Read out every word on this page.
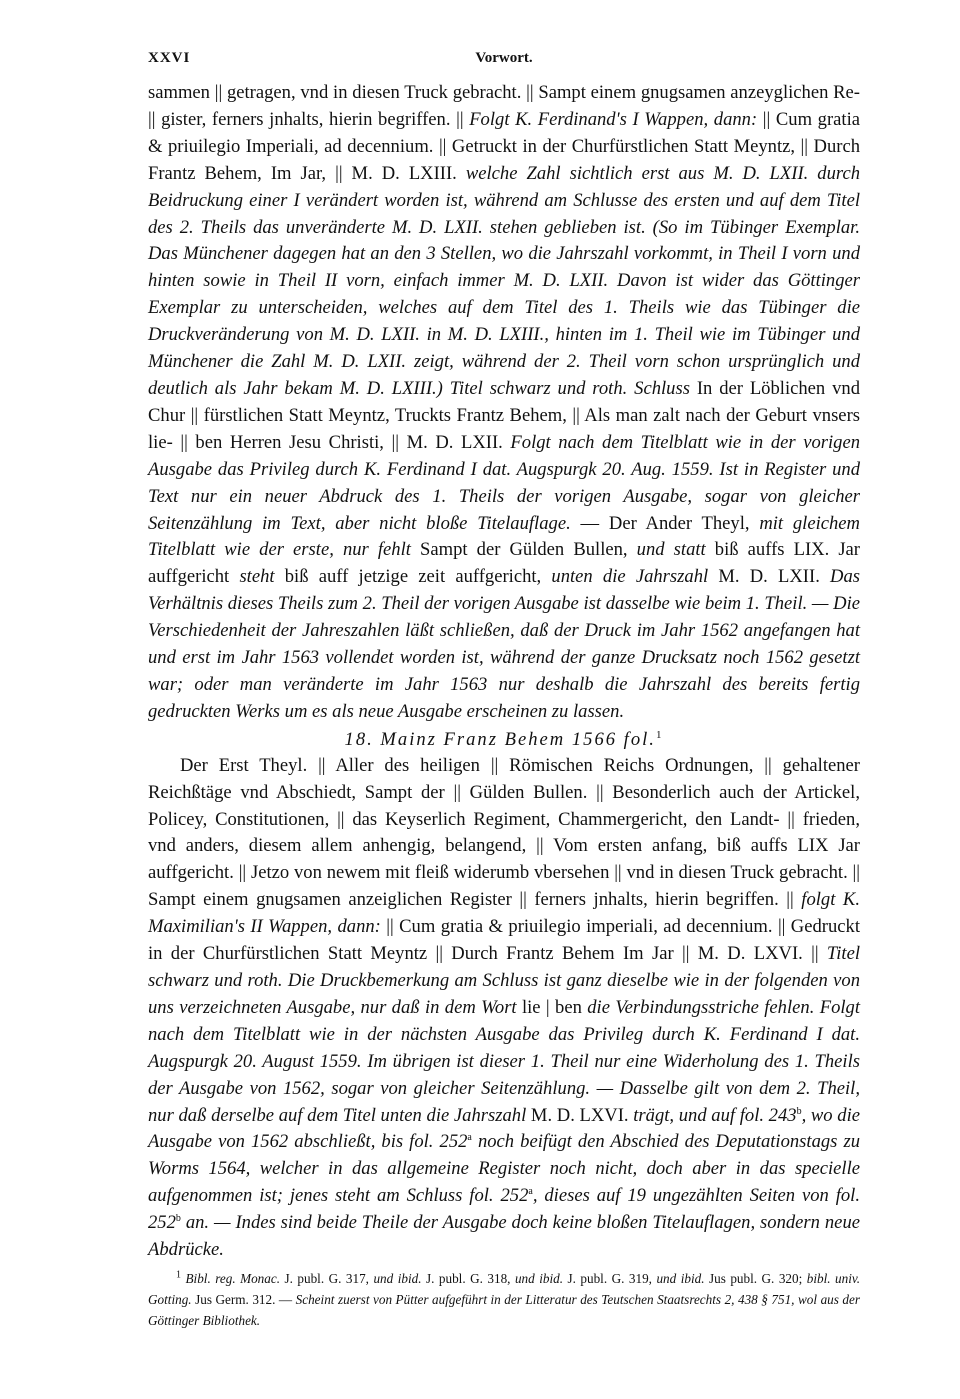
XXVI	Vorwort.

sammen || getragen, vnd in diesen Truck gebracht. || Sampt einem gnugsamen anzeyglichen Re- || gister, ferners jnhalts, hierin begriffen. || Folgt K. Ferdinand's I Wappen, dann: || Cum gratia & priuilegio Imperiali, ad decennium. || Getruckt in der Churfürstlichen Statt Meyntz, || Durch Frantz Behem, Im Jar, || M. D. LXIII. welche Zahl sichtlich erst aus M. D. LXII. durch Beidruckung einer I verändert worden ist, während am Schlusse des ersten und auf dem Titel des 2. Theils das unveränderte M. D. LXII. stehen geblieben ist. (So im Tübinger Exemplar. Das Münchener dagegen hat an den 3 Stellen, wo die Jahrszahl vorkommt, in Theil I vorn und hinten sowie in Theil II vorn, einfach immer M. D. LXII. Davon ist wider das Göttinger Exemplar zu unterscheiden, welches auf dem Titel des 1. Theils wie das Tübinger die Druckveränderung von M. D. LXII. in M. D. LXIII., hinten im 1. Theil wie im Tübinger und Münchener die Zahl M. D. LXII. zeigt, während der 2. Theil vorn schon ursprünglich und deutlich als Jahr bekam M. D. LXIII.) Titel schwarz und roth. Schluss In der Löblichen vnd Chur || fürstlichen Statt Meyntz, Truckts Frantz Behem, || Als man zalt nach der Geburt vnsers lie- || ben Herren Jesu Christi, || M. D. LXII. Folgt nach dem Titelblatt wie in der vorigen Ausgabe das Privileg durch K. Ferdinand I dat. Augspurgk 20. Aug. 1559. Ist in Register und Text nur ein neuer Abdruck des 1. Theils der vorigen Ausgabe, sogar von gleicher Seitenzählung im Text, aber nicht bloße Titelauflage. — Der Ander Theyl, mit gleichem Titelblatt wie der erste, nur fehlt Sampt der Gülden Bullen, und statt biß auffs LIX. Jar auffgericht steht biß auff jetzige zeit auffgericht, unten die Jahrszahl M. D. LXII. Das Verhältnis dieses Theils zum 2. Theil der vorigen Ausgabe ist dasselbe wie beim 1. Theil. — Die Verschiedenheit der Jahreszahlen läßt schließen, daß der Druck im Jahr 1562 angefangen hat und erst im Jahr 1563 vollendet worden ist, während der ganze Drucksatz noch 1562 gesetzt war; oder man veränderte im Jahr 1563 nur deshalb die Jahrszahl des bereits fertig gedruckten Werks um es als neue Ausgabe erscheinen zu lassen.

18. Mainz Franz Behem 1566 fol.$^1$

Der Erst Theyl. || Aller des heiligen || Römischen Reichs Ordnungen, || gehaltener Reichßtäge vnd Abschiedt, Sampt der || Gülden Bullen. || Besonderlich auch der Artickel, Policey, Constitutionen, || das Keyserlich Regiment, Chammergericht, den Landt- || frieden, vnd anders, diesem allem anhengig, belangend, || Vom ersten anfang, biß auffs LIX Jar auffgericht. || Jetzo von newem mit fleiß widerumb vbersehen || vnd in diesen Truck gebracht. || Sampt einem gnugsamen anzeiglichen Register || ferners jnhalts, hierin begriffen. || folgt K. Maximilian's II Wappen, dann: || Cum gratia & priuilegio imperiali, ad decennium. || Gedruckt in der Churfürstlichen Statt Meyntz || Durch Frantz Behem Im Jar || M. D. LXVI. || Titel schwarz und roth. Die Druckbemerkung am Schluss ist ganz dieselbe wie in der folgenden von uns verzeichneten Ausgabe, nur daß in dem Wort lie | ben die Verbindungsstriche fehlen. Folgt nach dem Titelblatt wie in der nächsten Ausgabe das Privileg durch K. Ferdinand I dat. Augspurgk 20. August 1559. Im übrigen ist dieser 1. Theil nur eine Widerholung des 1. Theils der Ausgabe von 1562, sogar von gleicher Seitenzählung. — Dasselbe gilt von dem 2. Theil, nur daß derselbe auf dem Titel unten die Jahrszahl M. D. LXVI. trägt, und auf fol. 243$^b$, wo die Ausgabe von 1562 abschließt, bis fol. 252$^a$ noch beifügt den Abschied des Deputationstags zu Worms 1564, welcher in das allgemeine Register noch nicht, doch aber in das specielle aufgenommen ist; jenes steht am Schluss fol. 252$^a$, dieses auf 19 ungezählten Seiten von fol. 252$^b$ an. — Indes sind beide Theile der Ausgabe doch keine bloßen Titelauflagen, sondern neue Abdrücke.

$^1$ Bibl. reg. Monac. J. publ. G. 317, und ibid. J. publ. G. 318, und ibid. J. publ. G. 319, und ibid. Jus publ. G. 320; bibl. univ. Gotting. Jus Germ. 312. — Scheint zuerst von Pütter aufgeführt in der Litteratur des Teutschen Staatsrechts 2, 438 § 751, wol aus der Göttinger Bibliothek.
